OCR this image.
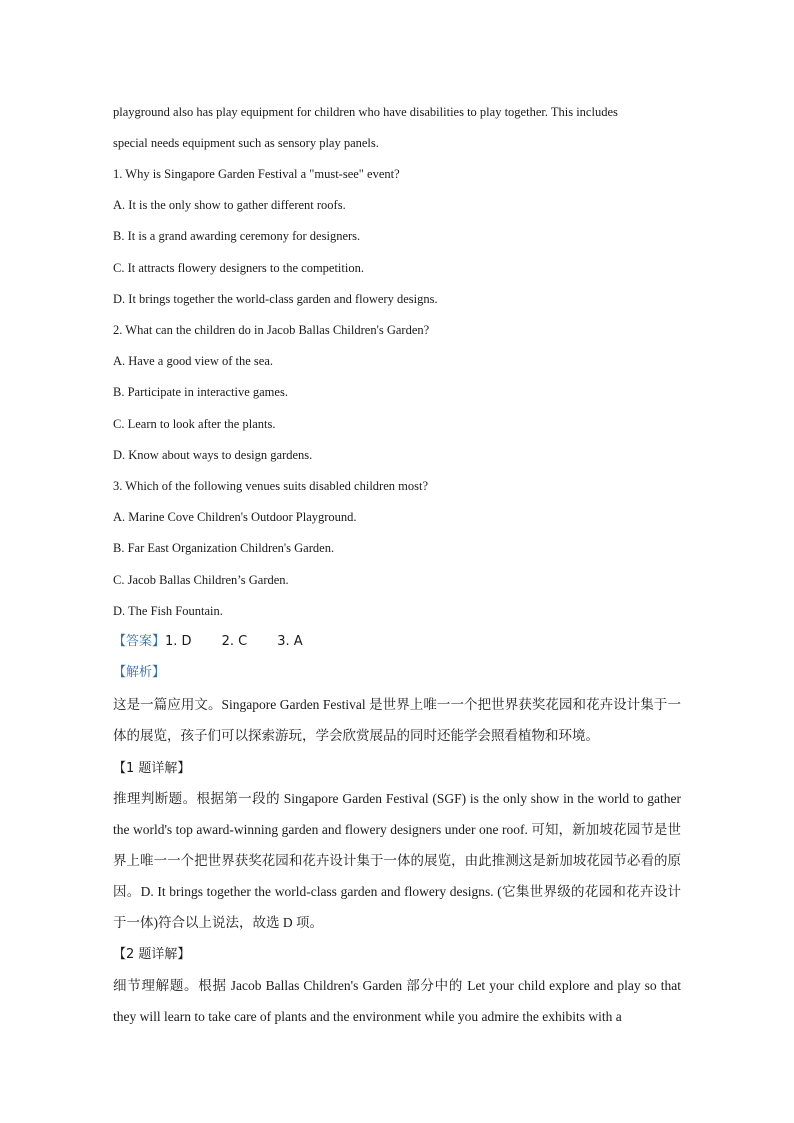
playground also has play equipment for children who have disabilities to play together. This includes
special needs equipment such as sensory play panels.
1. Why is Singapore Garden Festival a "must-see" event?
A. It is the only show to gather different roofs.
B. It is a grand awarding ceremony for designers.
C. It attracts flowery designers to the competition.
D. It brings together the world-class garden and flowery designs.
2. What can the children do in Jacob Ballas Children's Garden?
A. Have a good view of the sea.
B. Participate in interactive games.
C. Learn to look after the plants.
D. Know about ways to design gardens.
3. Which of the following venues suits disabled children most?
A. Marine Cove Children's Outdoor Playground.
B. Far East Organization Children's Garden.
C. Jacob Ballas Children’s Garden.
D. The Fish Fountain.
【答案】1. D 2. C 3. A
【解析】
这是一篇应用文。Singapore Garden Festival 是世界上唯一一个把世界获奖花园和花卉设计集于一体的展览，孩子们可以探索游玩，学会欣赏展品的同时还能学会照看植物和环境。
【1 题详解】
推理判断题。根据第一段的 Singapore Garden Festival (SGF) is the only show in the world to gather the world's top award-winning garden and flowery designers under one roof. 可知，新加坡花园节是世界上唯一一个把世界获奖花园和花卉设计集于一体的展览，由此推测这是新加坡花园节必看的原因。D. It brings together the world-class garden and flowery designs. (它集世界级的花园和花卉设计于一体)符合以上说法，故选 D 项。
【2 题详解】
细节理解题。根据 Jacob Ballas Children's Garden 部分中的 Let your child explore and play so that they will learn to take care of plants and the environment while you admire the exhibits with a
